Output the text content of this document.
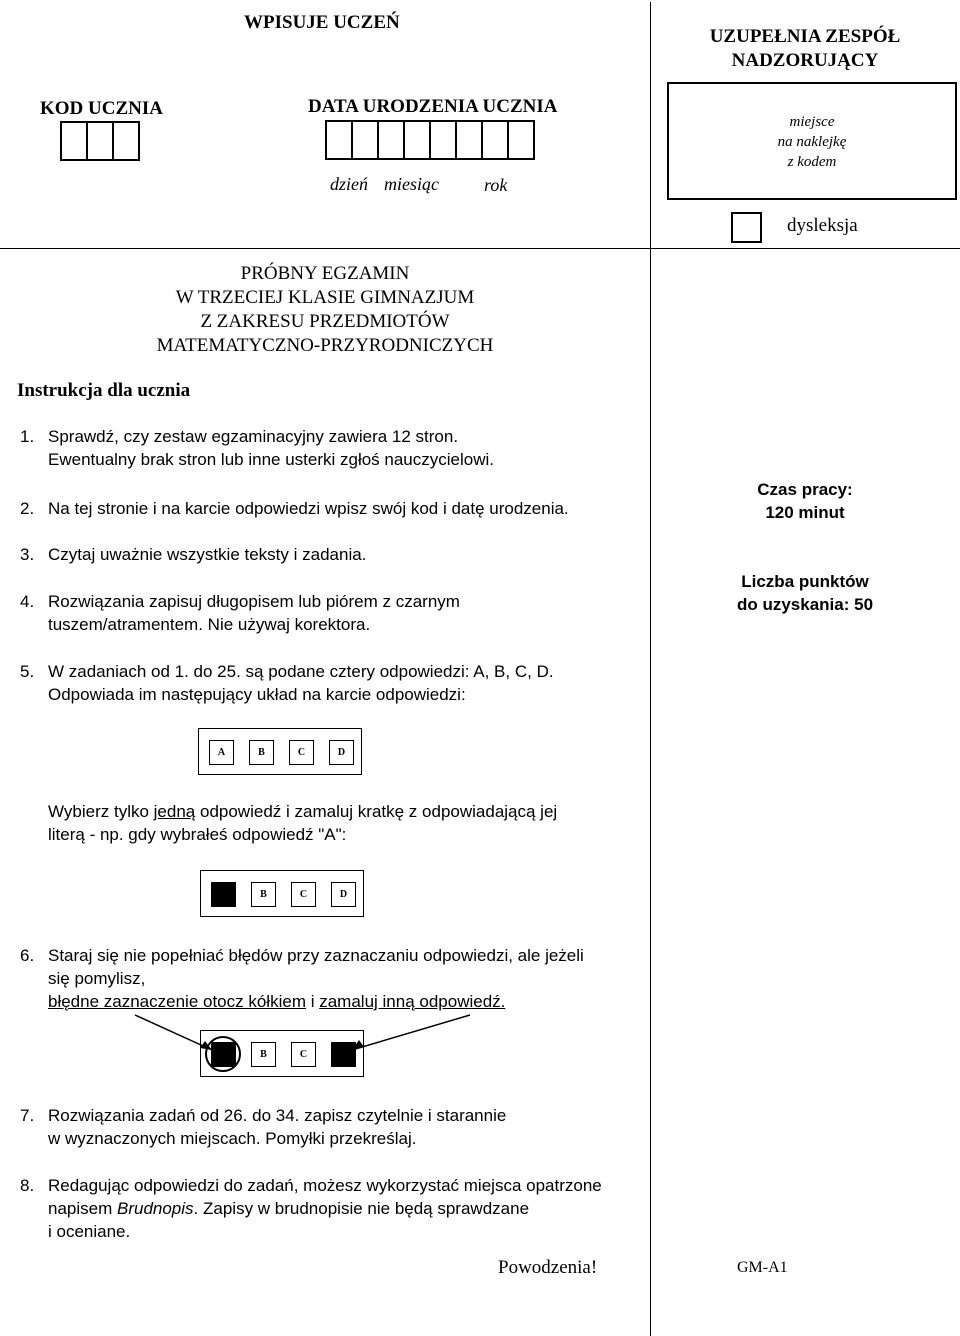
WPISUJE UCZEŃ
KOD UCZNIA	DATA URODZENIA UCZNIA
dzień miesiąc	rok
UZUPEŁNIA ZESPÓŁ
NADZORUJĄCY
miejsce
na naklejkę
z kodem
dysleksja
PRÓBNY EGZAMIN
W TRZECIEJ KLASIE GIMNAZJUM
Z ZAKRESU PRZEDMIOTÓW
MATEMATYCZNO-PRZYRODNICZYCH
Instrukcja dla ucznia
1. Sprawdź, czy zestaw egzaminacyjny zawiera 12 stron.
Ewentualny brak stron lub inne usterki zgłoś nauczycielowi.
2. Na tej stronie i na karcie odpowiedzi wpisz swój kod i datę urodzenia.
3. Czytaj uważnie wszystkie teksty i zadania.
4. Rozwiązania zapisuj długopisem lub piórem z czarnym
tuszem/atramentem. Nie używaj korektora.
5. W zadaniach od 1. do 25. są podane cztery odpowiedzi: A, B, C, D.
Odpowiada im następujący układ na karcie odpowiedzi:
A	B	C	D
Wybierz tylko jedną odpowiedź i zamaluj kratkę z odpowiadającą jej
literą - np. gdy wybrałeś odpowiedź "A":
B	C	D
6. Staraj się nie popełniać błędów przy zaznaczaniu odpowiedzi, ale jeżeli
się pomylisz,
błędne zaznaczenie otocz kółkiem i zamaluj inną odpowiedź.
B	C
7. Rozwiązania zadań od 26. do 34. zapisz czytelnie i starannie
w wyznaczonych miejscach. Pomyłki przekreślaj.
8. Redagując odpowiedzi do zadań, możesz wykorzystać miejsca opatrzone
napisem Brudnopis. Zapisy w brudnopisie nie będą sprawdzane
i oceniane.
Czas pracy:
120 minut
Liczba punktów
do uzyskania: 50
Powodzenia!	GM-A1
